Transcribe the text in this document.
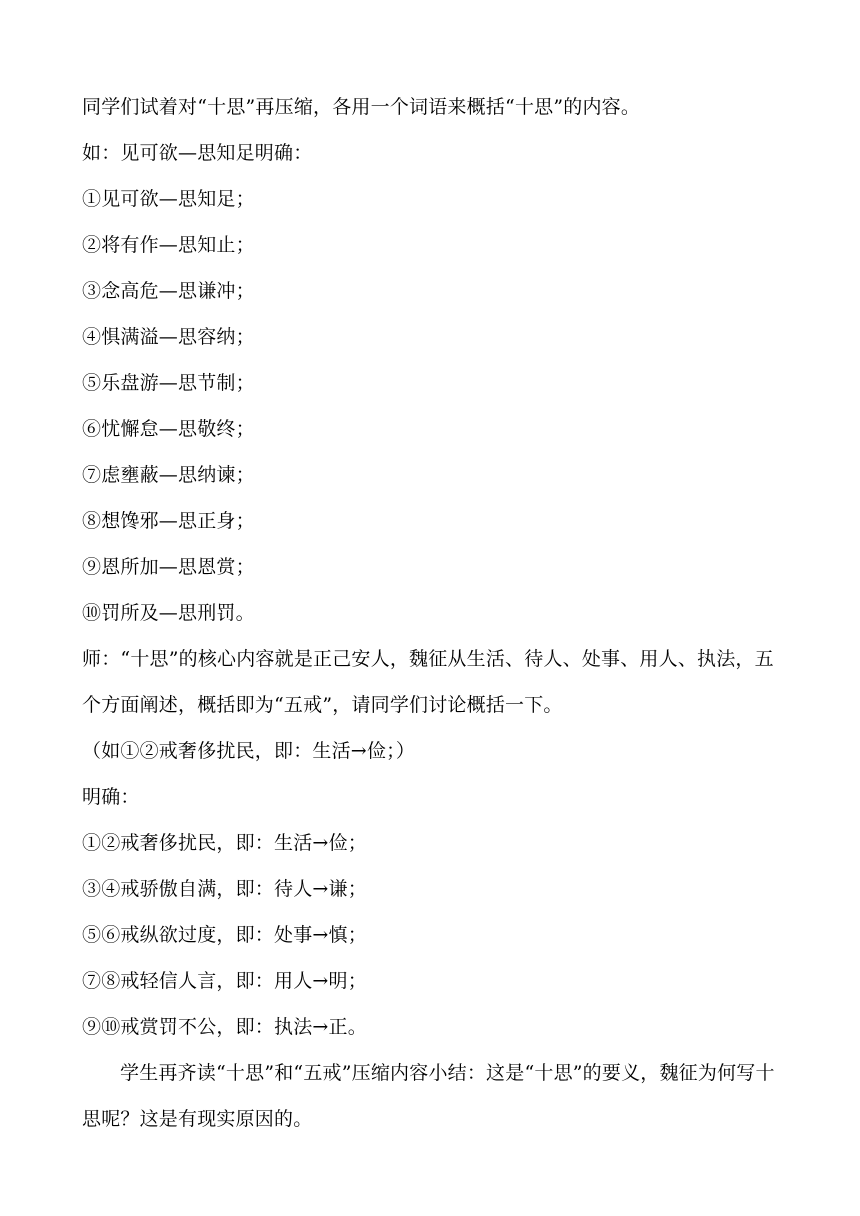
同学们试着对“十思”再压缩，各用一个词语来概括“十思”的内容。

如：见可欲—思知足明确：

①见可欲—思知足；

②将有作—思知止；

③念高危—思谦冲；

④惧满溢—思容纳；

⑤乐盘游—思节制；

⑥忧懈怠—思敬终；

⑦虑壅蔽—思纳谏；

⑧想馋邪—思正身；

⑨恩所加—思恩赏；

⑩罚所及—思刑罚。

师：“十思”的核心内容就是正己安人，魏征从生活、待人、处事、用人、执法，五个方面阐述，概括即为“五戒”，请同学们讨论概括一下。

（如①②戒奢侈扰民，即：生活→俭；）

明确：

①②戒奢侈扰民，即：生活→俭；

③④戒骄傲自满，即：待人→谦；

⑤⑥戒纵欲过度，即：处事→慎；

⑦⑧戒轻信人言，即：用人→明；

⑨⑩戒赏罚不公，即：执法→正。

学生再齐读“十思”和“五戒”压缩内容小结：这是“十思”的要义，魏征为何写十思呢？这是有现实原因的。
